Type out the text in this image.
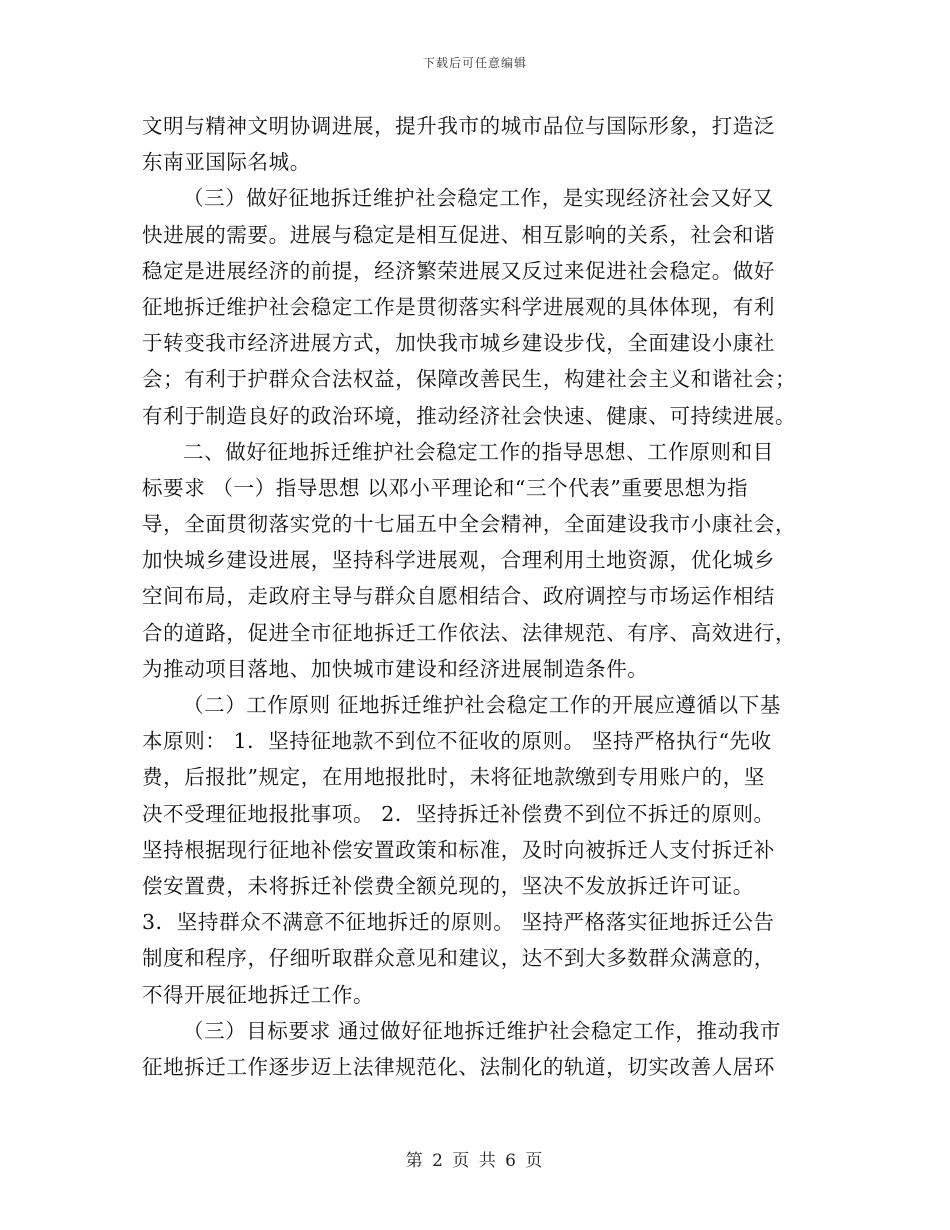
下载后可任意编辑
文明与精神文明协调进展，提升我市的城市品位与国际形象，打造泛
东南亚国际名城。
（三）做好征地拆迁维护社会稳定工作，是实现经济社会又好又
快进展的需要。进展与稳定是相互促进、相互影响的关系，社会和谐
稳定是进展经济的前提，经济繁荣进展又反过来促进社会稳定。做好
征地拆迁维护社会稳定工作是贯彻落实科学进展观的具体体现，有利
于转变我市经济进展方式，加快我市城乡建设步伐，全面建设小康社
会；有利于护群众合法权益，保障改善民生，构建社会主义和谐社会；
有利于制造良好的政治环境，推动经济社会快速、健康、可持续进展。
二、做好征地拆迁维护社会稳定工作的指导思想、工作原则和目
标要求 （一）指导思想 以邓小平理论和“三个代表”重要思想为指
导，全面贯彻落实党的十七届五中全会精神，全面建设我市小康社会，
加快城乡建设进展，坚持科学进展观，合理利用土地资源，优化城乡
空间布局，走政府主导与群众自愿相结合、政府调控与市场运作相结
合的道路，促进全市征地拆迁工作依法、法律规范、有序、高效进行，
为推动项目落地、加快城市建设和经济进展制造条件。
（二）工作原则 征地拆迁维护社会稳定工作的开展应遵循以下基
本原则： 1．坚持征地款不到位不征收的原则。 坚持严格执行“先收
费，后报批”规定，在用地报批时，未将征地款缴到专用账户的，坚
决不受理征地报批事项。 2．坚持拆迁补偿费不到位不拆迁的原则。
坚持根据现行征地补偿安置政策和标准，及时向被拆迁人支付拆迁补
偿安置费，未将拆迁补偿费全额兑现的，坚决不发放拆迁许可证。
3．坚持群众不满意不征地拆迁的原则。 坚持严格落实征地拆迁公告
制度和程序，仔细听取群众意见和建议，达不到大多数群众满意的，
不得开展征地拆迁工作。
（三）目标要求 通过做好征地拆迁维护社会稳定工作，推动我市
征地拆迁工作逐步迈上法律规范化、法制化的轨道，切实改善人居环
第 2 页 共 6 页
